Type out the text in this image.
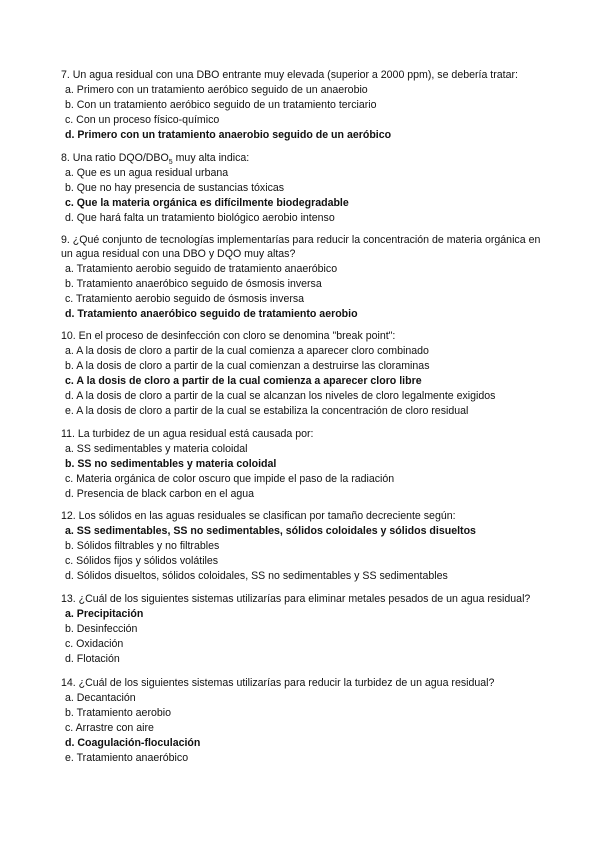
7. Un agua residual con una DBO entrante muy elevada (superior a 2000 ppm), se debería tratar:
a. Primero con un tratamiento aeróbico seguido de un anaerobio
b. Con un tratamiento aeróbico seguido de un tratamiento terciario
c. Con un proceso físico-químico
d. Primero con un tratamiento anaerobio seguido de un aeróbico
8. Una ratio DQO/$DBO_5$ muy alta indica:
a. Que es un agua residual urbana
b. Que no hay presencia de sustancias tóxicas
c. Que la materia orgánica es difícilmente biodegradable
d. Que hará falta un tratamiento biológico aerobio intenso
9. ¿Qué conjunto de tecnologías implementarías para reducir la concentración de materia orgánica en un agua residual con una DBO y DQO muy altas?
a. Tratamiento aerobio seguido de tratamiento anaeróbico
b. Tratamiento anaeróbico seguido de ósmosis inversa
c. Tratamiento aerobio seguido de ósmosis inversa
d. Tratamiento anaeróbico seguido de tratamiento aerobio
10. En el proceso de desinfección con cloro se denomina "break point":
a. A la dosis de cloro a partir de la cual comienza a aparecer cloro combinado
b. A la dosis de cloro a partir de la cual comienzan a destruirse las cloraminas
c. A la dosis de cloro a partir de la cual comienza a aparecer cloro libre
d. A la dosis de cloro a partir de la cual se alcanzan los niveles de cloro legalmente exigidos
e. A la dosis de cloro a partir de la cual se estabiliza la concentración de cloro residual
11. La turbidez de un agua residual está causada por:
a. SS sedimentables y materia coloidal
b. SS no sedimentables y materia coloidal
c. Materia orgánica de color oscuro que impide el paso de la radiación
d. Presencia de black carbon en el agua
12. Los sólidos en las aguas residuales se clasifican por tamaño decreciente según:
a. SS sedimentables, SS no sedimentables, sólidos coloidales y sólidos disueltos
b. Sólidos filtrables y no filtrables
c. Sólidos fijos y sólidos volátiles
d. Sólidos disueltos, sólidos coloidales, SS no sedimentables y SS sedimentables
13. ¿Cuál de los siguientes sistemas utilizarías para eliminar metales pesados de un agua residual?
a. Precipitación
b. Desinfección
c. Oxidación
d. Flotación
14. ¿Cuál de los siguientes sistemas utilizarías para reducir la turbidez de un agua residual?
a. Decantación
b. Tratamiento aerobio
c. Arrastre con aire
d. Coagulación-floculación
e. Tratamiento anaeróbico
